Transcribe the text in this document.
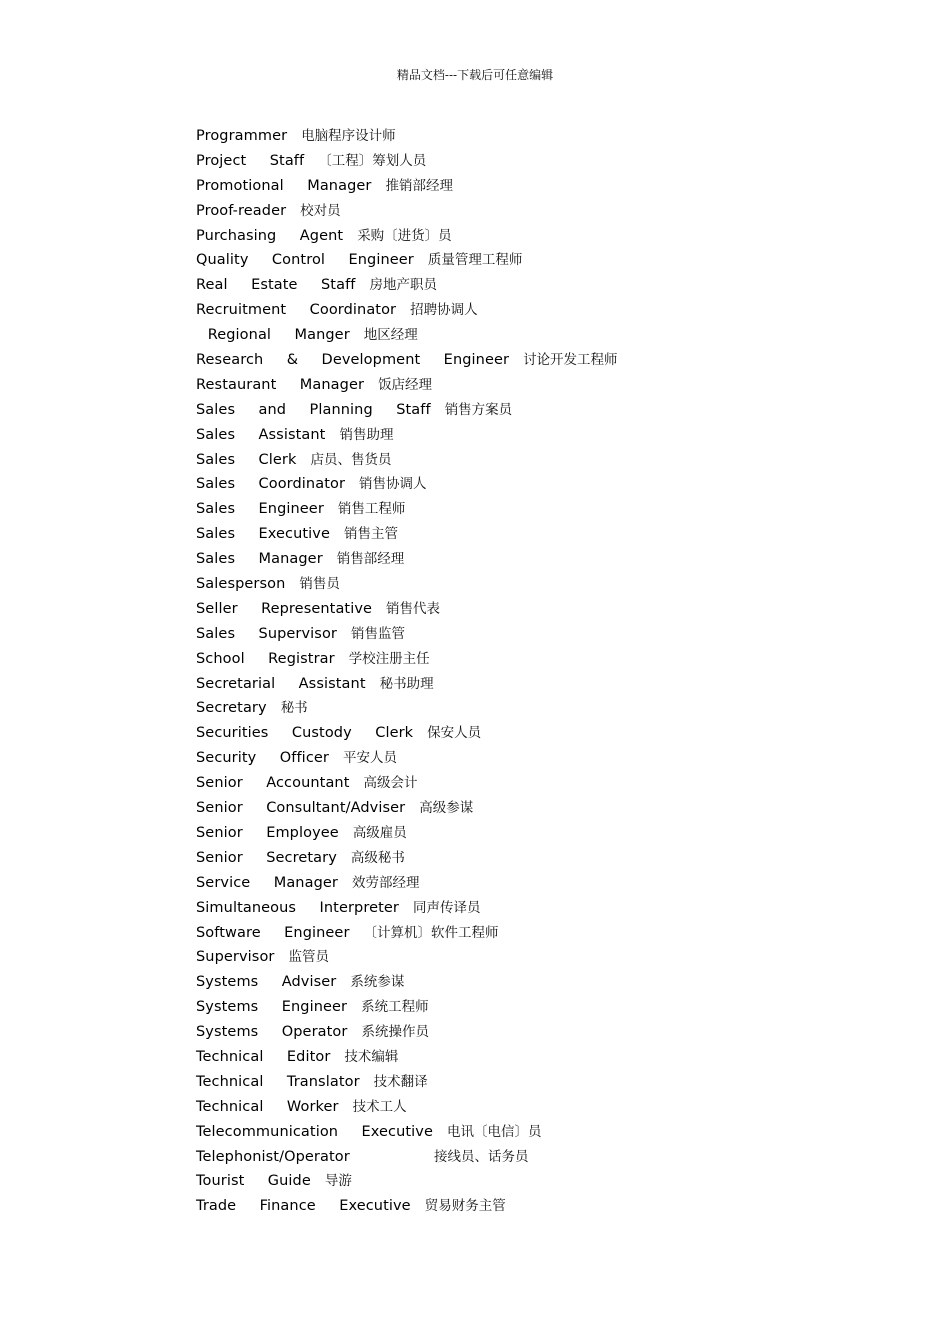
精品文档---下载后可任意编辑
Programmer 电脑程序设计师
Project  Staff 〔工程〕筹划人员
Promotional  Manager 推销部经理
Proof-reader 校对员
Purchasing  Agent 采购〔进货〕员
Quality  Control  Engineer 质量管理工程师
Real  Estate  Staff 房地产职员
Recruitment  Coordinator 招聘协调人
Regional  Manger 地区经理
Research  &  Development  Engineer 讨论开发工程师
Restaurant  Manager 饭店经理
Sales  and  Planning  Staff 销售方案员
Sales  Assistant 销售助理
Sales  Clerk 店员、售货员
Sales  Coordinator 销售协调人
Sales  Engineer 销售工程师
Sales  Executive 销售主管
Sales  Manager 销售部经理
Salesperson 销售员
Seller  Representative 销售代表
Sales  Supervisor 销售监管
School  Registrar 学校注册主任
Secretarial  Assistant 秘书助理
Secretary 秘书
Securities  Custody  Clerk 保安人员
Security  Officer 平安人员
Senior  Accountant 高级会计
Senior  Consultant/Adviser 高级参谋
Senior  Employee 高级雇员
Senior  Secretary 高级秘书
Service  Manager 效劳部经理
Simultaneous  Interpreter 同声传译员
Software  Engineer 〔计算机〕软件工程师
Supervisor 监管员
Systems  Adviser 系统参谋
Systems  Engineer 系统工程师
Systems  Operator 系统操作员
Technical  Editor 技术编辑
Technical  Translator 技术翻译
Technical  Worker 技术工人
Telecommunication  Executive 电讯〔电信〕员
Telephonist/Operator      接线员、话务员
Tourist  Guide 导游
Trade  Finance  Executive 贸易财务主管
